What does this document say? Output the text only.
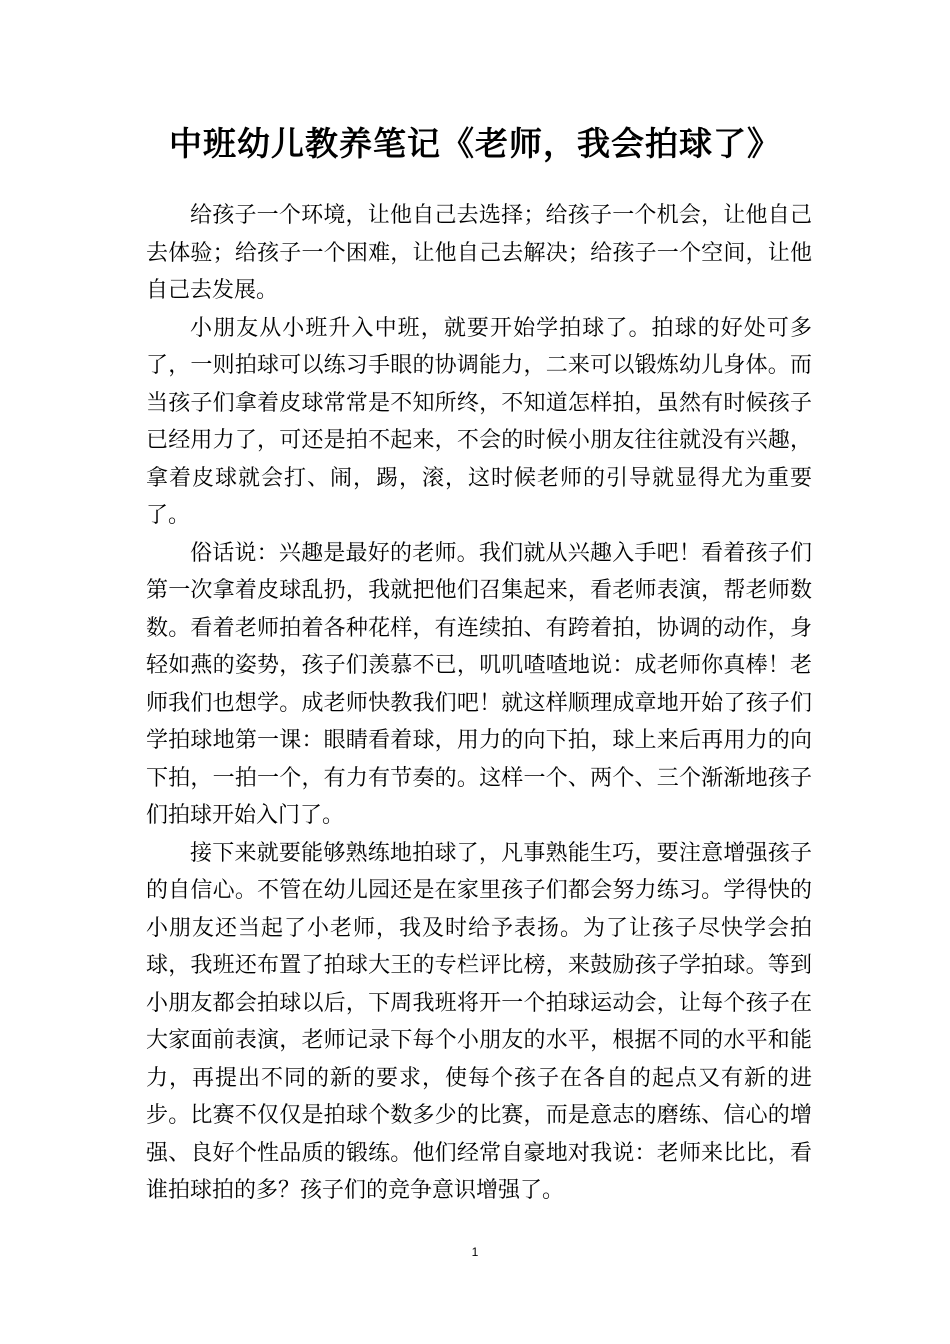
中班幼儿教养笔记《老师，我会拍球了》

给孩子一个环境，让他自己去选择；给孩子一个机会，让他自己去体验；给孩子一个困难，让他自己去解决；给孩子一个空间，让他自己去发展。

小朋友从小班升入中班，就要开始学拍球了。拍球的好处可多了，一则拍球可以练习手眼的协调能力，二来可以锻炼幼儿身体。而当孩子们拿着皮球常常是不知所终，不知道怎样拍，虽然有时候孩子已经用力了，可还是拍不起来，不会的时候小朋友往往就没有兴趣，拿着皮球就会打、闹，踢，滚，这时候老师的引导就显得尤为重要了。

俗话说：兴趣是最好的老师。我们就从兴趣入手吧！看着孩子们第一次拿着皮球乱扔，我就把他们召集起来，看老师表演，帮老师数数。看着老师拍着各种花样，有连续拍、有跨着拍，协调的动作，身轻如燕的姿势，孩子们羡慕不已，叽叽喳喳地说：成老师你真棒！老师我们也想学。成老师快教我们吧！就这样顺理成章地开始了孩子们学拍球地第一课：眼睛看着球，用力的向下拍，球上来后再用力的向下拍，一拍一个，有力有节奏的。这样一个、两个、三个渐渐地孩子们拍球开始入门了。

接下来就要能够熟练地拍球了，凡事熟能生巧，要注意增强孩子的自信心。不管在幼儿园还是在家里孩子们都会努力练习。学得快的小朋友还当起了小老师，我及时给予表扬。为了让孩子尽快学会拍球，我班还布置了拍球大王的专栏评比榜，来鼓励孩子学拍球。等到小朋友都会拍球以后，下周我班将开一个拍球运动会，让每个孩子在大家面前表演，老师记录下每个小朋友的水平，根据不同的水平和能力，再提出不同的新的要求，使每个孩子在各自的起点又有新的进步。比赛不仅仅是拍球个数多少的比赛，而是意志的磨练、信心的增强、良好个性品质的锻练。他们经常自豪地对我说：老师来比比，看谁拍球拍的多？孩子们的竞争意识增强了。

1
